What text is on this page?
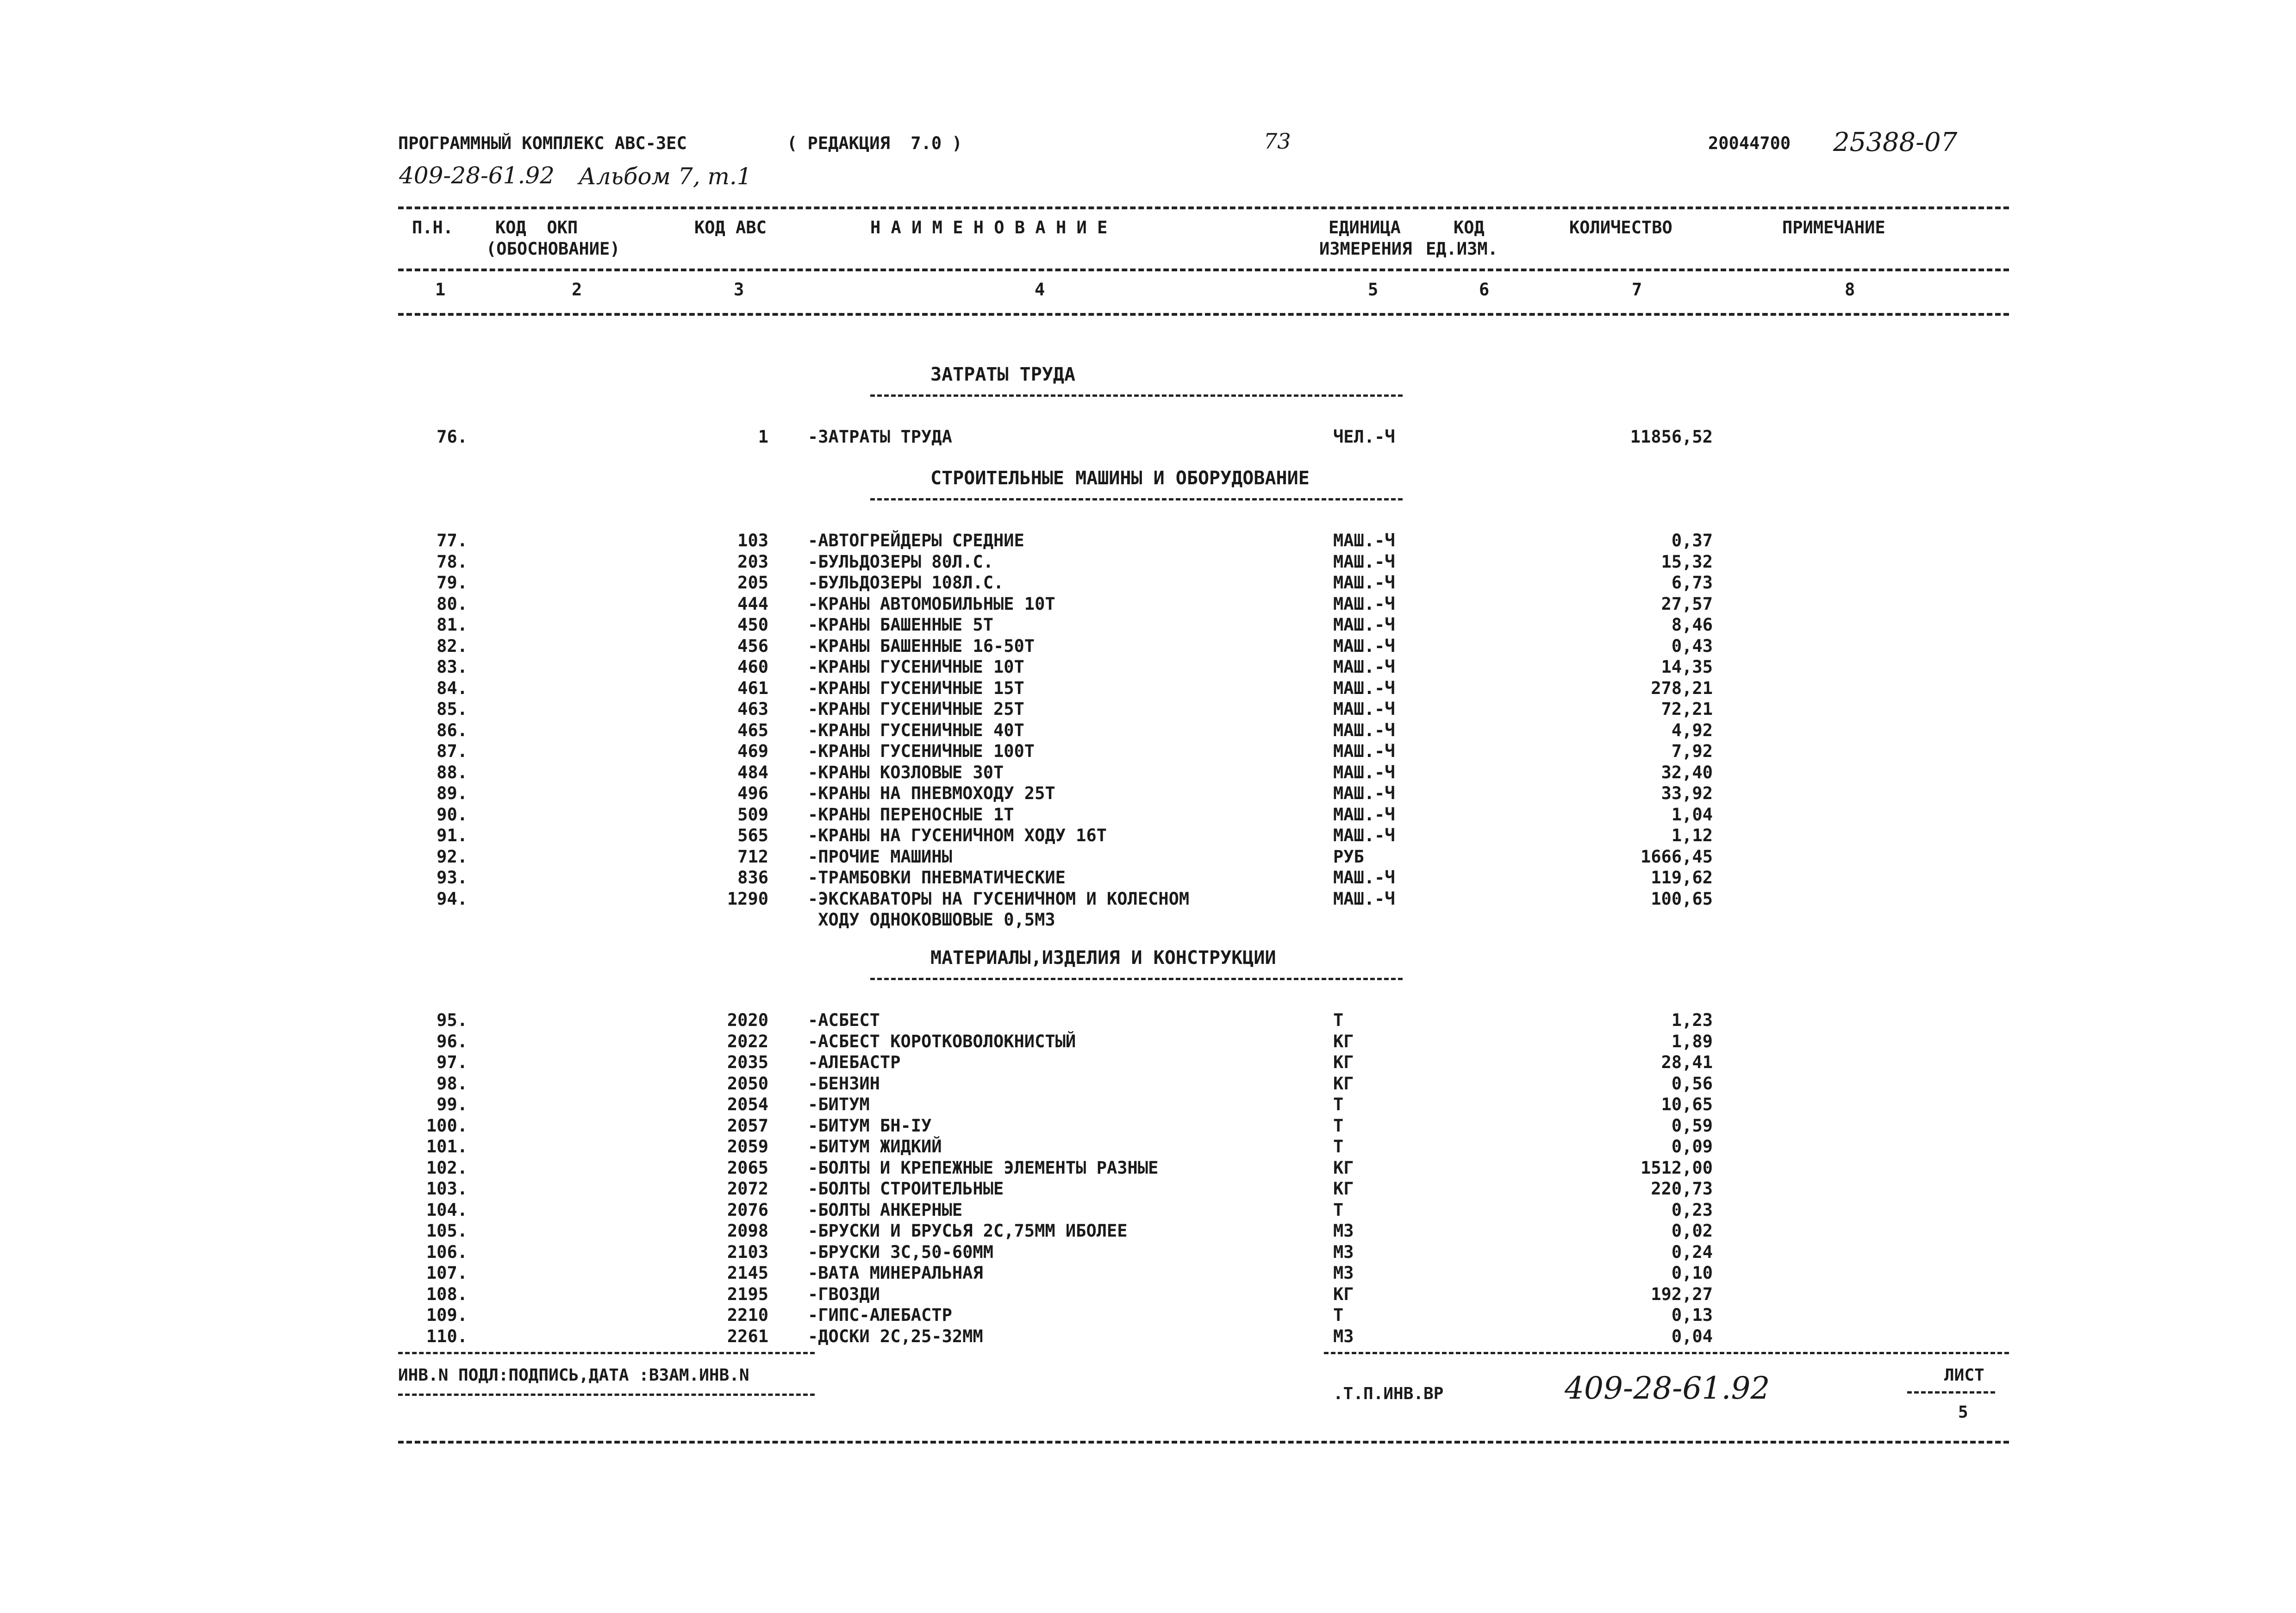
ПРОГРАММНЫЙ КОМПЛЕКС АВС-3ЕС	( РЕДАКЦИЯ  7.0 )	73	20044700 25388-07
409-28-61.92 Альбом 7, т.1
П.Н. КОД  ОКП
(ОБОСНОВАНИЕ)
КОД АВС	Н А И М Е Н О В А Н И Е	ЕДИНИЦА
ИЗМЕРЕНИЯ
КОД
ЕД.ИЗМ.
КОЛИЧЕСТВО	ПРИМЕЧАНИЕ
1	2	3	4	5	6	7	8
ЗАТРАТЫ ТРУДА
76.	1 -ЗАТРАТЫ ТРУДА	ЧЕЛ.-Ч	11856,52
СТРОИТЕЛЬНЫЕ МАШИНЫ И ОБОРУДОВАНИЕ
77.	103 -АВТОГРЕЙДЕРЫ СРЕДНИЕ	МАШ.-Ч	0,37
78.	203 -БУЛЬДОЗЕРЫ 80Л.С.	МАШ.-Ч	15,32
79.	205 -БУЛЬДОЗЕРЫ 108Л.С.	МАШ.-Ч	6,73
80.	444 -КРАНЫ АВТОМОБИЛЬНЫЕ 10Т	МАШ.-Ч	27,57
81.	450 -КРАНЫ БАШЕННЫЕ 5Т	МАШ.-Ч	8,46
82.	456 -КРАНЫ БАШЕННЫЕ 16-50Т	МАШ.-Ч	0,43
83.	460 -КРАНЫ ГУСЕНИЧНЫЕ 10Т	МАШ.-Ч	14,35
84.	461 -КРАНЫ ГУСЕНИЧНЫЕ 15Т	МАШ.-Ч	278,21
85.	463 -КРАНЫ ГУСЕНИЧНЫЕ 25Т	МАШ.-Ч	72,21
86.	465 -КРАНЫ ГУСЕНИЧНЫЕ 40Т	МАШ.-Ч	4,92
87.	469 -КРАНЫ ГУСЕНИЧНЫЕ 100Т	МАШ.-Ч	7,92
88.	484 -КРАНЫ КОЗЛОВЫЕ 30Т	МАШ.-Ч	32,40
89.	496 -КРАНЫ НА ПНЕВМОХОДУ 25Т	МАШ.-Ч	33,92
90.	509 -КРАНЫ ПЕРЕНОСНЫЕ 1Т	МАШ.-Ч	1,04
91.	565 -КРАНЫ НА ГУСЕНИЧНОМ ХОДУ 16Т	МАШ.-Ч	1,12
92.	712 -ПРОЧИЕ МАШИНЫ	РУБ	1666,45
93.	836 -ТРАМБОВКИ ПНЕВМАТИЧЕСКИЕ	МАШ.-Ч	119,62
94.	1290 -ЭКСКАВАТОРЫ НА ГУСЕНИЧНОМ И КОЛЕСНОМ	МАШ.-Ч	100,65
ХОДУ ОДНОКОВШОВЫЕ 0,5М3
МАТЕРИАЛЫ,ИЗДЕЛИЯ И КОНСТРУКЦИИ
95.	2020 -АСБЕСТ	Т	1,23
96.	2022 -АСБЕСТ КОРОТКОВОЛОКНИСТЫЙ	КГ	1,89
97.	2035 -АЛЕБАСТР	КГ	28,41
98.	2050 -БЕНЗИН	КГ	0,56
99.	2054 -БИТУМ	Т	10,65
100.	2057 -БИТУМ БН-IУ	Т	0,59
101.	2059 -БИТУМ ЖИДКИЙ	Т	0,09
102.	2065 -БОЛТЫ И КРЕПЕЖНЫЕ ЭЛЕМЕНТЫ РАЗНЫЕ	КГ	1512,00
103.	2072 -БОЛТЫ СТРОИТЕЛЬНЫЕ	КГ	220,73
104.	2076 -БОЛТЫ АНКЕРНЫЕ	Т	0,23
105.	2098 -БРУСКИ И БРУСЬЯ 2С,75ММ ИБОЛЕЕ	М3	0,02
106.	2103 -БРУСКИ 3С,50-60ММ	М3	0,24
107.	2145 -ВАТА МИНЕРАЛЬНАЯ	М3	0,10
108.	2195 -ГВОЗДИ	КГ	192,27
109.	2210 -ГИПС-АЛЕБАСТР	Т	0,13
110.	2261 -ДОСКИ 2С,25-32ММ	М3	0,04
ИНВ.N ПОДЛ:ПОДПИСЬ,ДАТА :ВЗАМ.ИНВ.N
.Т.П.ИНВ.ВР	409-28-61.92	ЛИСТ
5
